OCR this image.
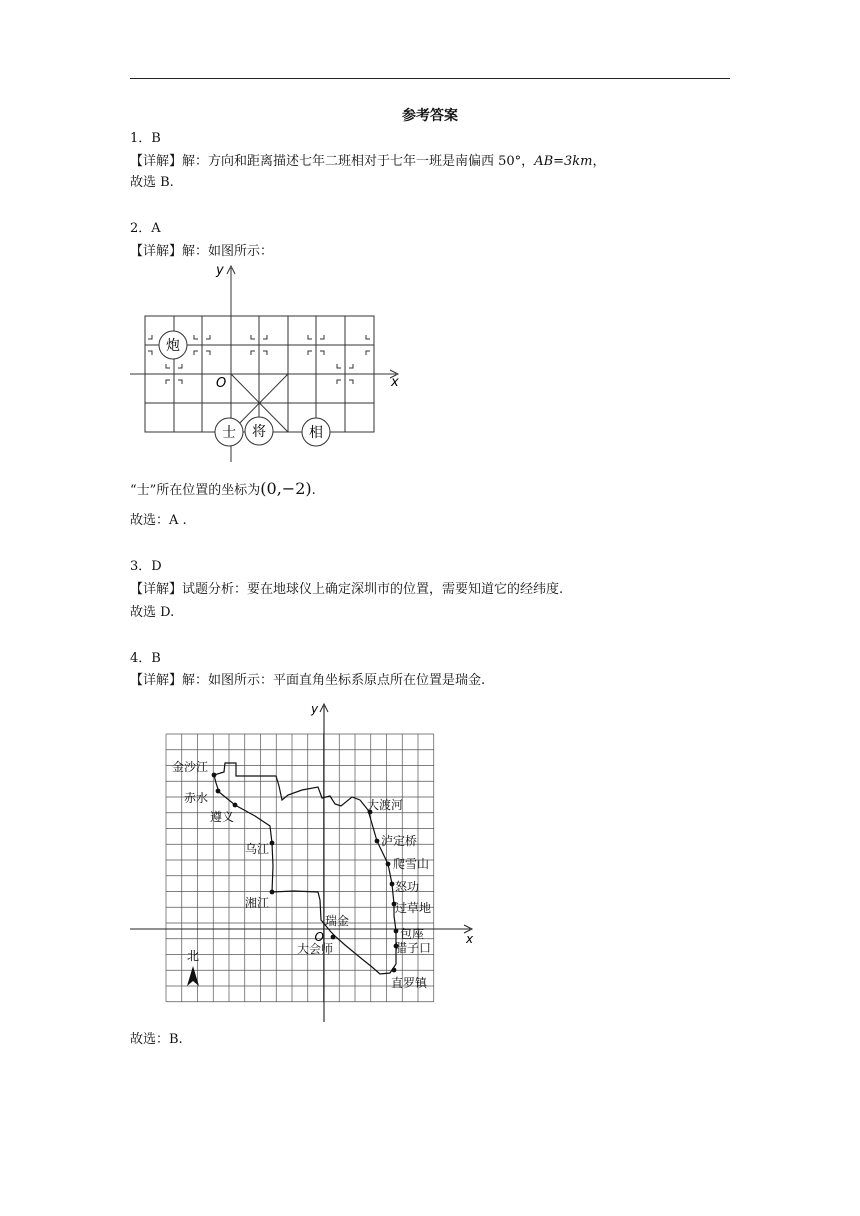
参考答案
1．B
【详解】解：方向和距离描述七年二班相对于七年一班是南偏西 50°，AB=3km，
故选 B.
2．A
【详解】解：如图所示：
y
x
O
炮
士 将	相
“士”所在位置的坐标为(0,−2).
故选：A .
3．D
【详解】试题分析：要在地球仪上确定深圳市的位置，需要知道它的经纬度.
故选 D.
4．B
【详解】解：如图所示：平面直角坐标系原点所在位置是瑞金.
y
x
金沙江
赤水
遵义
乌江
湘江
瑞金
大会师
大渡河
泸定桥
爬雪山
怒功
过草地
包座
腊子口
直罗镇
O
北
故选：B.
